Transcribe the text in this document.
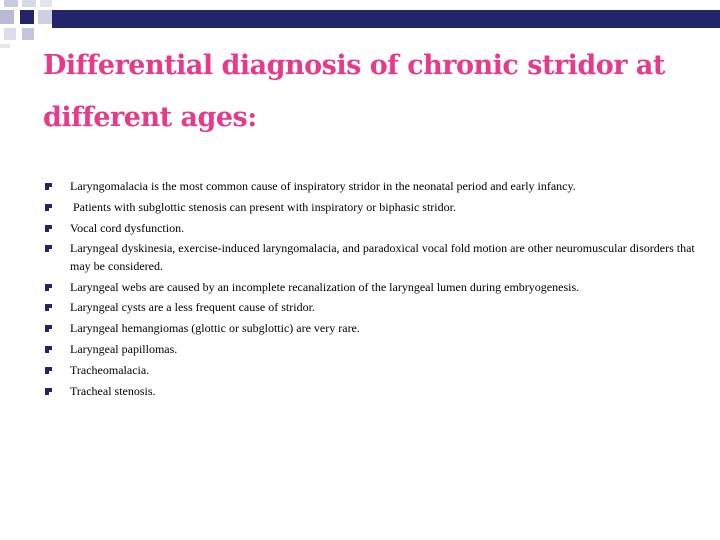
Differential diagnosis of chronic stridor at different ages:
Laryngomalacia is the most common cause of inspiratory stridor in the neonatal period and early infancy.
Patients with subglottic stenosis can present with inspiratory or biphasic stridor.
Vocal cord dysfunction.
Laryngeal dyskinesia, exercise-induced laryngomalacia, and paradoxical vocal fold motion are other neuromuscular disorders that may be considered.
Laryngeal webs are caused by an incomplete recanalization of the laryngeal lumen during embryogenesis.
Laryngeal cysts are a less frequent cause of stridor.
Laryngeal hemangiomas (glottic or subglottic) are very rare.
Laryngeal papillomas.
Tracheomalacia.
Tracheal stenosis.
